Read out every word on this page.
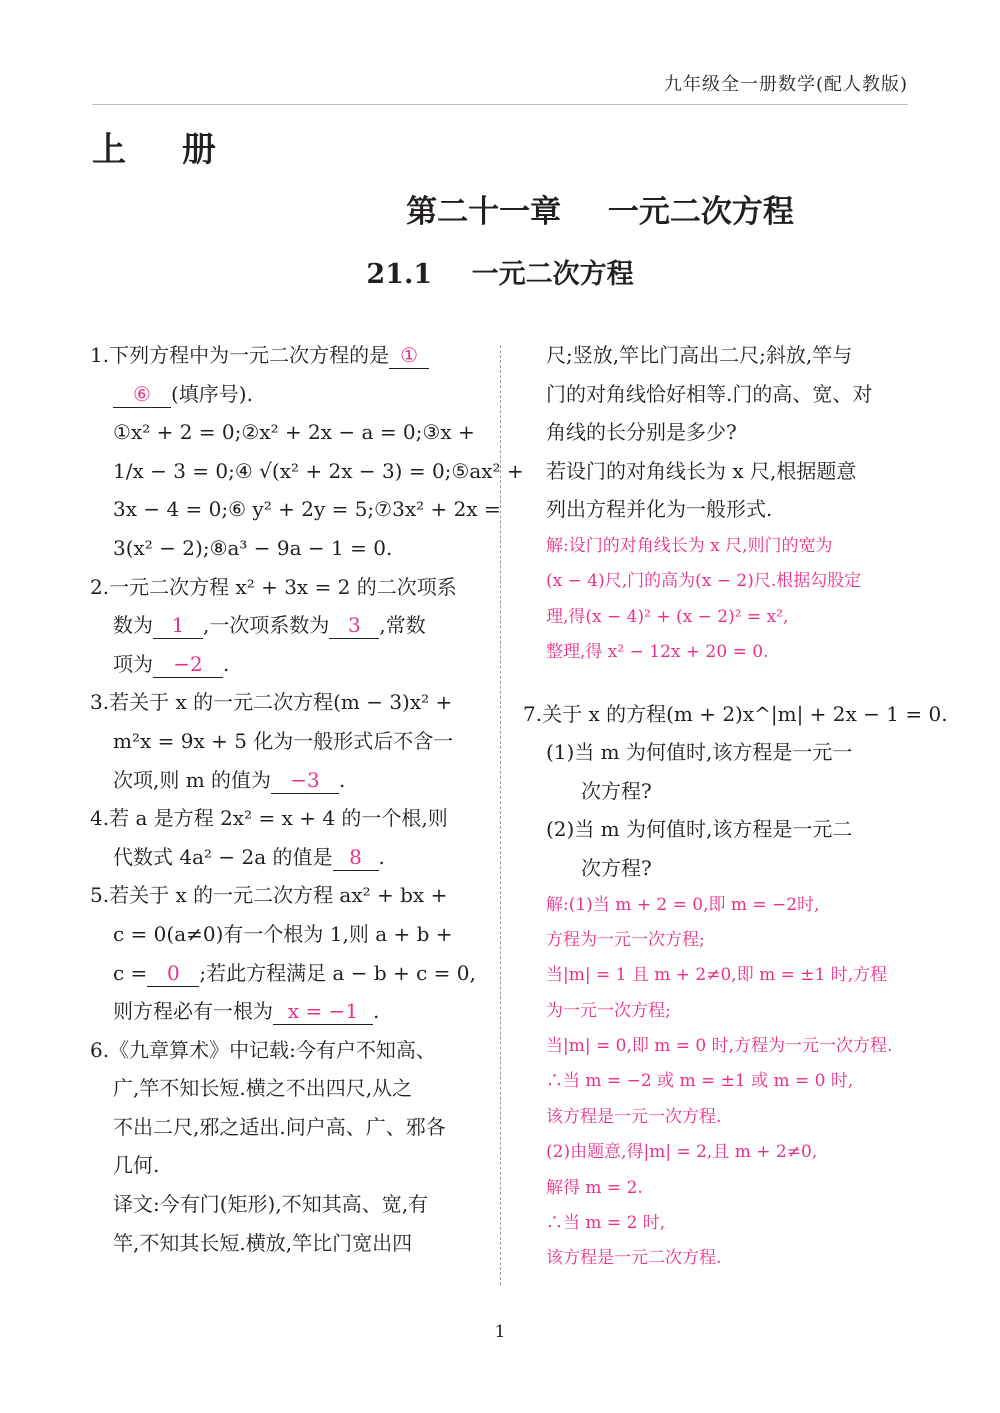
九年级全一册数学(配人教版)
上 册
第二十一章 一元二次方程
21.1 一元二次方程
1.下列方程中为一元二次方程的是 ①
⑥ (填序号).
①x² + 2 = 0;②x² + 2x − a = 0;③x +
1/x − 3 = 0;④ √(x² + 2x − 3) = 0;⑤ax² +
3x − 4 = 0;⑥ y² + 2y = 5;⑦3x² + 2x =
3(x² − 2);⑧a³ − 9a − 1 = 0.
2.一元二次方程 x² + 3x = 2 的二次项系
数为 1 ,一次项系数为 3 ,常数
项为 −2 .
3.若关于 x 的一元二次方程(m − 3)x² +
m²x = 9x + 5 化为一般形式后不含一
次项,则 m 的值为 −3 .
4.若 a 是方程 2x² = x + 4 的一个根,则
代数式 4a² − 2a 的值是 8 .
5.若关于 x 的一元二次方程 ax² + bx +
c = 0(a≠0)有一个根为 1,则 a + b +
c = 0 ;若此方程满足 a − b + c = 0,
则方程必有一根为 x = −1 .
6.《九章算术》中记载:今有户不知高、
广,竿不知长短.横之不出四尺,从之
不出二尺,邪之适出.问户高、广、邪各
几何.
译文:今有门(矩形),不知其高、宽,有
竿,不知其长短.横放,竿比门宽出四
尺;竖放,竿比门高出二尺;斜放,竿与
门的对角线恰好相等.门的高、宽、对
角线的长分别是多少?
若设门的对角线长为 x 尺,根据题意
列出方程并化为一般形式.
解:设门的对角线长为 x 尺,则门的宽为
(x − 4)尺,门的高为(x − 2)尺.根据勾股定
理,得(x − 4)² + (x − 2)² = x²,
整理,得 x² − 12x + 20 = 0.
7.关于 x 的方程(m + 2)x^|m| + 2x − 1 = 0.
(1)当 m 为何值时,该方程是一元一
次方程?
(2)当 m 为何值时,该方程是一元二
次方程?
解:(1)当 m + 2 = 0,即 m = −2时,
方程为一元一次方程;
当|m| = 1 且 m + 2≠0,即 m = ±1 时,方程
为一元一次方程;
当|m| = 0,即 m = 0 时,方程为一元一次方程.
∴当 m = −2 或 m = ±1 或 m = 0 时,
该方程是一元一次方程.
(2)由题意,得|m| = 2,且 m + 2≠0,
解得 m = 2.
∴当 m = 2 时,
该方程是一元二次方程.
1
